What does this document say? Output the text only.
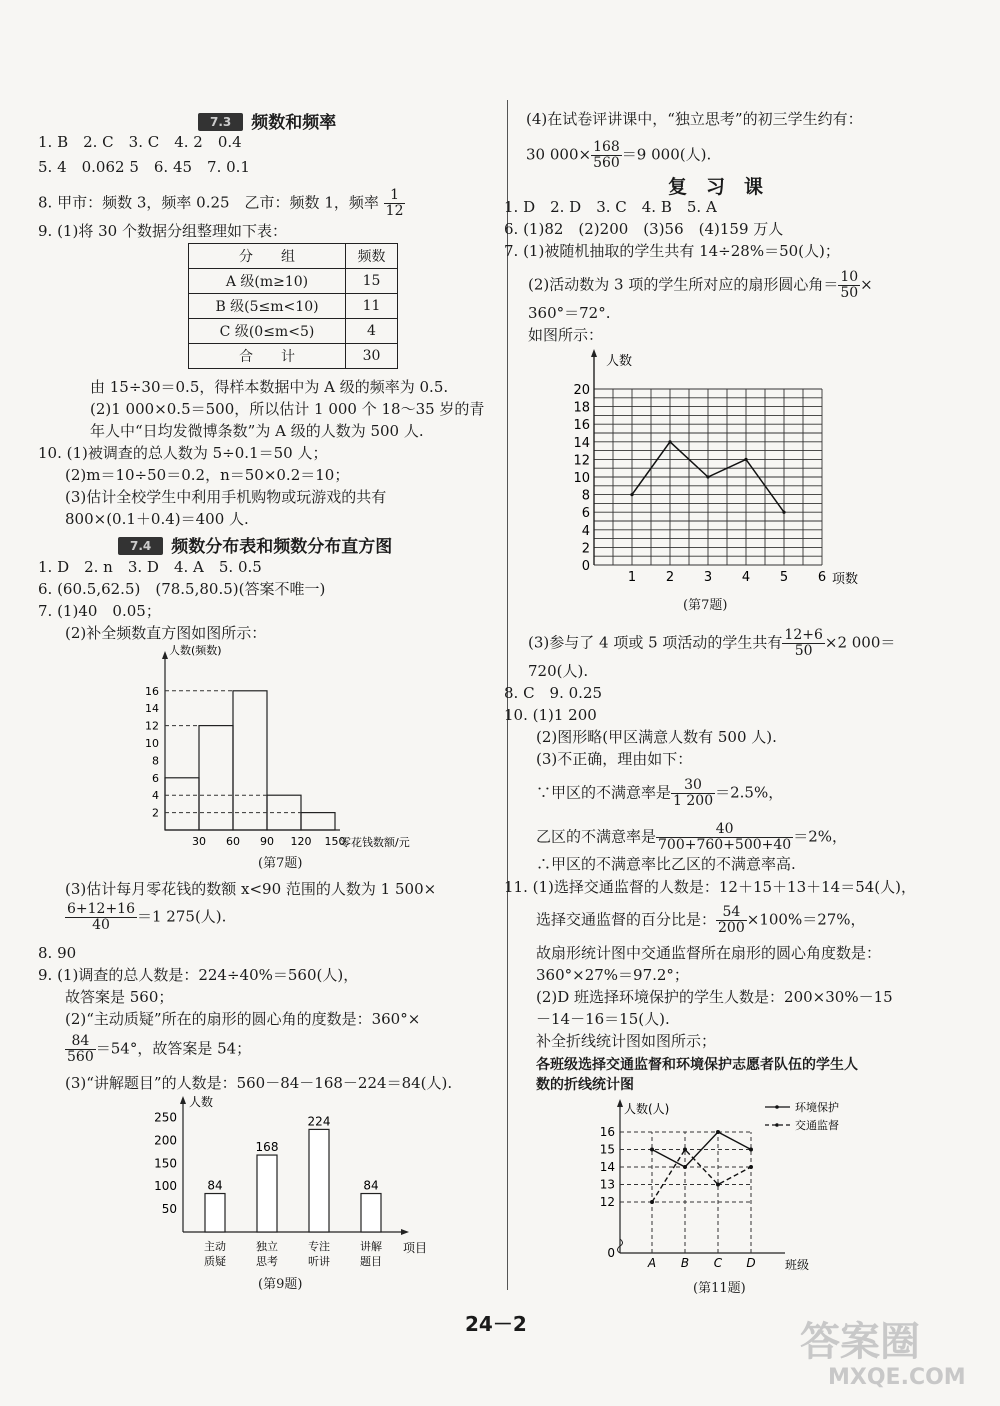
7.3 频数和频率
1. B　2. C　3. C　4. 2　0.4
5. 4　0.062 5　6. 45　7. 0.1
8. 甲市：频数 3，频率 0.25　乙市：频数 1，频率 $\frac{1}{12}$
9. (1)将 30 个数据分组整理如下表：
分　　组	频数
A 级(m≥10)	15
B 级(5≤m<10)	11
C 级(0≤m<5)	4
合　　计	30
由 15÷30＝0.5，得样本数据中为 A 级的频率为 0.5.
(2)1 000×0.5＝500，所以估计 1 000 个 18～35 岁的青
年人中“日均发微博条数”为 A 级的人数为 500 人.
10. (1)被调查的总人数为 5÷0.1＝50 人；
(2)m＝10÷50＝0.2，n＝50×0.2＝10；
(3)估计全校学生中利用手机购物或玩游戏的共有
800×(0.1＋0.4)＝400 人.
7.4 频数分布表和频数分布直方图
1. D　2. n　3. D　4. A　5. 0.5
6. (60.5,62.5)　(78.5,80.5)(答案不唯一)
7. (1)40　0.05；
(2)补全频数直方图如图所示：
人数(频数)
零花钱数额/元
2
4
6
8
10
12
14
16
30 60 90 120 150
(第7题)
(3)估计每月零花钱的数额 x<90 范围的人数为 1 500×
$\frac{6+12+16}{40} =1$ 275(人).
8. 90
9. (1)调查的总人数是：224÷40%＝560(人)，
故答案是 560；
(2)“主动质疑”所在的扇形的圆心角的度数是：360°×
$\frac{84}{560} =54^\circ$，故答案是 54；
(3)“讲解题目”的人数是：560－84－168－224＝84(人).
人数
项目
50
100
150
200
250
84
主动
质疑
168
独立
思考
224
专注
听讲
84
讲解
题目
(第9题)
(4)在试卷评讲课中，“独立思考”的初三学生约有：
30 $000\times \frac{168}{560} =9$ 000(人).
复　习　课
1. D　2. D　3. C　4. B　5. A
6. (1)82　(2)200　(3)56　(4)159 万人
7. (1)被随机抽取的学生共有 14÷28%＝50(人)；
(2)活动数为 3 项的学生所对应的扇形圆心角＝ $\frac{10}{50}$ ×
360°＝72°.
如图所示：
人数
项数
0
2
4
6
8
10
12
14
16
18
20
1 2 3 4 5 6
(第7题)
(3)参与了 4 项或 5 项活动的学生共有 $\frac{12+6}{50} \times 2$ 000＝
720(人).
8. C　9. 0.25
10. (1)1 200
(2)图形略(甲区满意人数有 500 人).
(3)不正确，理由如下：
∵甲区的不满意率是 $\frac{30}{1 200} =2.5\%$，
乙区的不满意率是 $\frac{40}{700+760+500+40} =2\%$，
∴甲区的不满意率比乙区的不满意率高.
11. (1)选择交通监督的人数是：12＋15＋13＋14＝54(人)，
选择交通监督的百分比是： $\frac{54}{200} \times 100\%=27\%$，
故扇形统计图中交通监督所在扇形的圆心角度数是：
360°×27%＝97.2°；
(2)D 班选择环境保护的学生人数是：200×30%－15
－14－16＝15(人).
补全折线统计图如图所示；
各班级选择交通监督和环境保护志愿者队伍的学生人
数的折线统计图
人数(人)
班级
0
12
13
14
15
16
A B C D
环境保护
交通监督
(第11题)
24－2	答案圈
MXQE.COM
